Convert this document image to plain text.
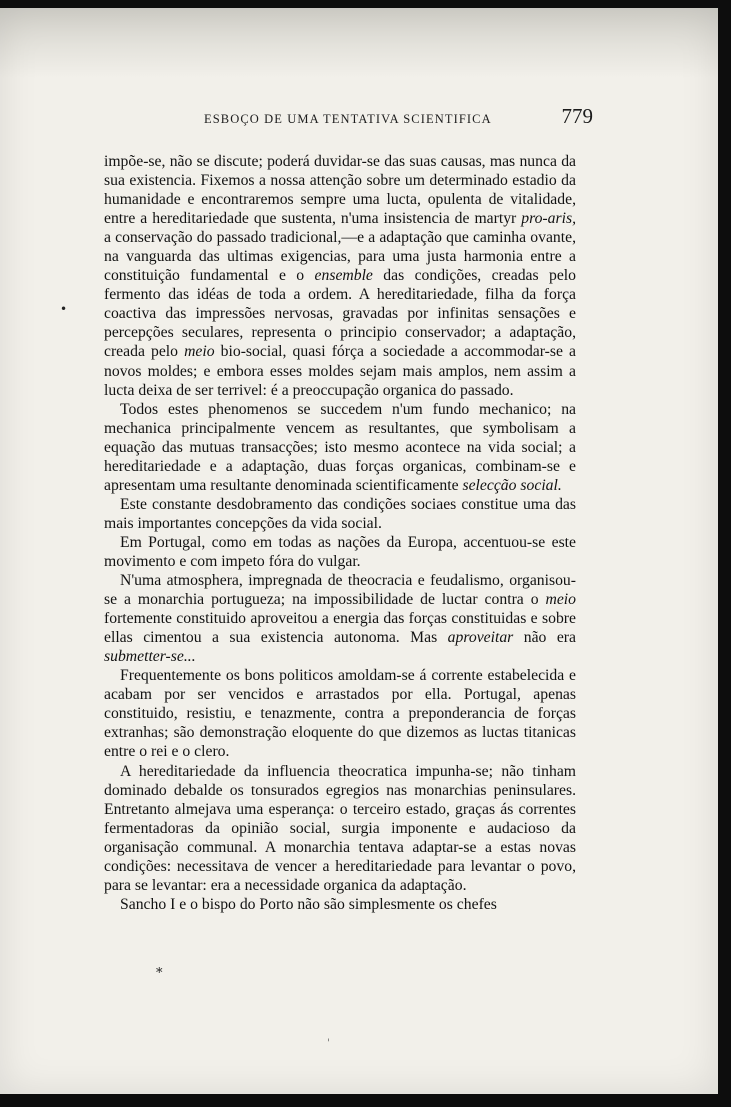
ESBOÇO DE UMA TENTATIVA SCIENTIFICA	779

impõe-se, não se discute; poderá duvidar-se das suas causas, mas nunca da sua existencia. Fixemos a nossa attenção sobre um determinado estadio da humanidade e encontraremos sempre uma lucta, opulenta de vitalidade, entre a hereditariedade que sustenta, n'uma insistencia de martyr pro-aris, a conservação do passado tradicional,—e a adaptação que caminha ovante, na vanguarda das ultimas exigencias, para uma justa harmonia entre a constituição fundamental e o ensemble das condições, creadas pelo fermento das idéas de toda a ordem. A hereditariedade, filha da força coactiva das impressões nervosas, gravadas por infinitas sensações e percepções seculares, representa o principio conservador; a adaptação, creada pelo meio bio-social, quasi fórça a sociedade a accommodar-se a novos moldes; e embora esses moldes sejam mais amplos, nem assim a lucta deixa de ser terrivel: é a preoccupação organica do passado.

Todos estes phenomenos se succedem n'um fundo mechanico; na mechanica principalmente vencem as resultantes, que symbolisam a equação das mutuas transacções; isto mesmo acontece na vida social; a hereditariedade e a adaptação, duas forças organicas, combinam-se e apresentam uma resultante denominada scientificamente selecção social.

Este constante desdobramento das condições sociaes constitue uma das mais importantes concepções da vida social.

Em Portugal, como em todas as nações da Europa, accentuou-se este movimento e com impeto fóra do vulgar.

N'uma atmosphera, impregnada de theocracia e feudalismo, organisou-se a monarchia portugueza; na impossibilidade de luctar contra o meio fortemente constituido aproveitou a energia das forças constituidas e sobre ellas cimentou a sua existencia autonoma. Mas aproveitar não era submetter-se...

Frequentemente os bons politicos amoldam-se á corrente estabelecida e acabam por ser vencidos e arrastados por ella. Portugal, apenas constituido, resistiu, e tenazmente, contra a preponderancia de forças extranhas; são demonstração eloquente do que dizemos as luctas titanicas entre o rei e o clero.

A hereditariedade da influencia theocratica impunha-se; não tinham dominado debalde os tonsurados egregios nas monarchias peninsulares. Entretanto almejava uma esperança: o terceiro estado, graças ás correntes fermentadoras da opinião social, surgia imponente e audacioso da organisação communal. A monarchia tentava adaptar-se a estas novas condições: necessitava de vencer a hereditariedade para levantar o povo, para se levantar: era a necessidade organica da adaptação.

Sancho I e o bispo do Porto não são simplesmente os chefes

•
*
'
